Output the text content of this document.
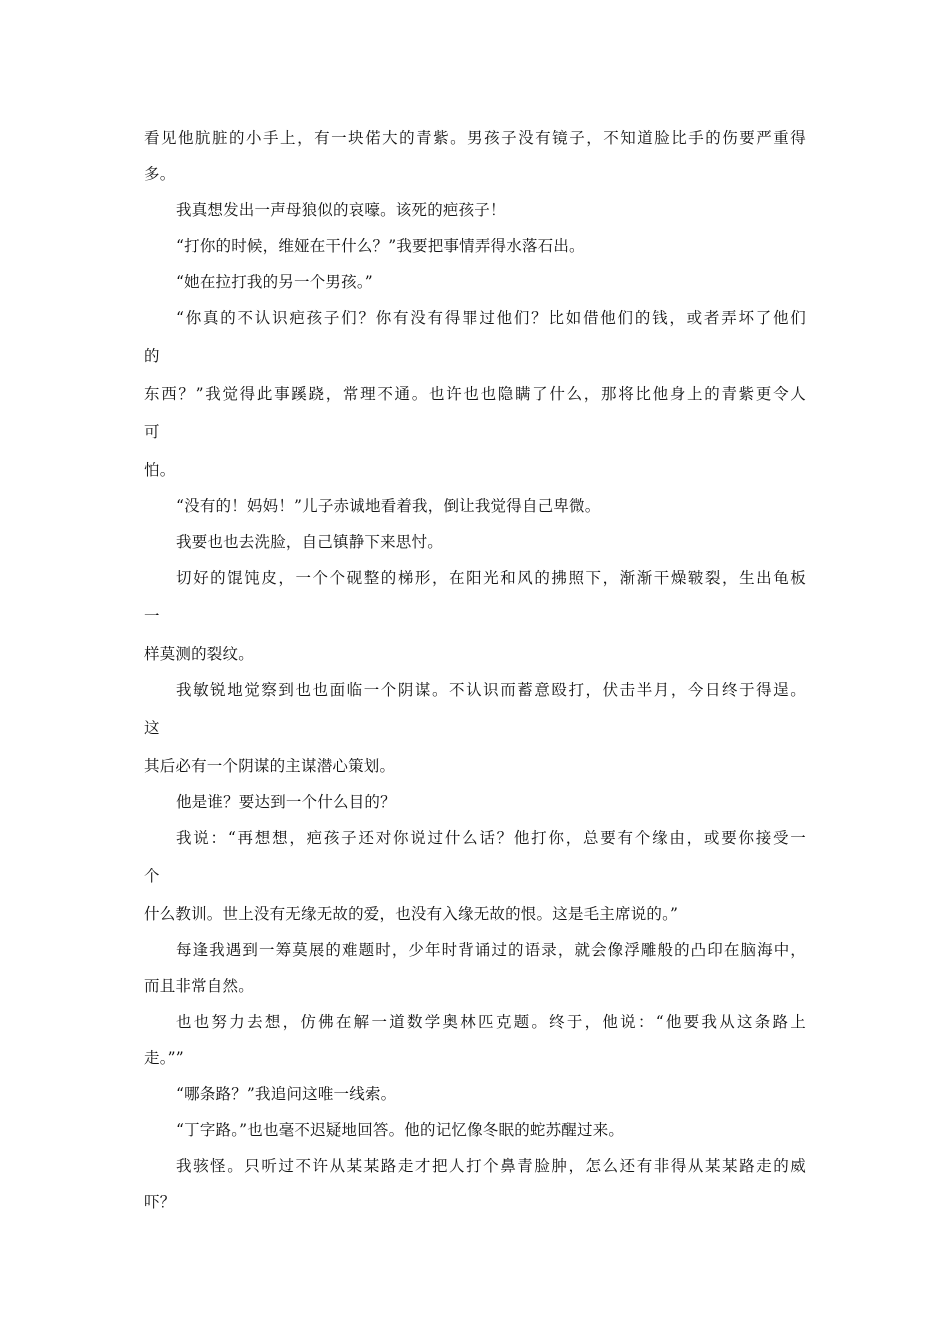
看见他肮脏的小手上，有一块偌大的青紫。男孩子没有镜子，不知道脸比手的伤要严重得
多。
我真想发出一声母狼似的哀嚎。该死的疤孩子！
“打你的时候，维娅在干什么？”我要把事情弄得水落石出。
“她在拉打我的另一个男孩。”
“你真的不认识疤孩子们？你有没有得罪过他们？比如借他们的钱，或者弄坏了他们
的
东西？”我觉得此事蹊跷，常理不通。也许也也隐瞒了什么，那将比他身上的青紫更令人
可
怕。
“没有的！妈妈！”儿子赤诚地看着我，倒让我觉得自己卑微。
我要也也去洗脸，自己镇静下来思忖。
切好的馄饨皮，一个个砚整的梯形，在阳光和风的拂照下，渐渐干燥皲裂，生出龟板
一
样莫测的裂纹。
我敏锐地觉察到也也面临一个阴谋。不认识而蓄意殴打，伏击半月，今日终于得逞。
这
其后必有一个阴谋的主谋潜心策划。
他是谁？要达到一个什么目的？
我说：“再想想，疤孩子还对你说过什么话？他打你，总要有个缘由，或要你接受一
个
什么教训。世上没有无缘无故的爱，也没有入缘无故的恨。这是毛主席说的。”
每逢我遇到一筹莫展的难题时，少年时背诵过的语录，就会像浮雕般的凸印在脑海中，
而且非常自然。
也也努力去想，仿佛在解一道数学奥林匹克题。终于，他说：“他要我从这条路上
走。””
“哪条路？”我追问这唯一线索。
“丁字路。”也也毫不迟疑地回答。他的记忆像冬眠的蛇苏醒过来。
我骇怪。只听过不许从某某路走才把人打个鼻青脸肿，怎么还有非得从某某路走的威
吓？
